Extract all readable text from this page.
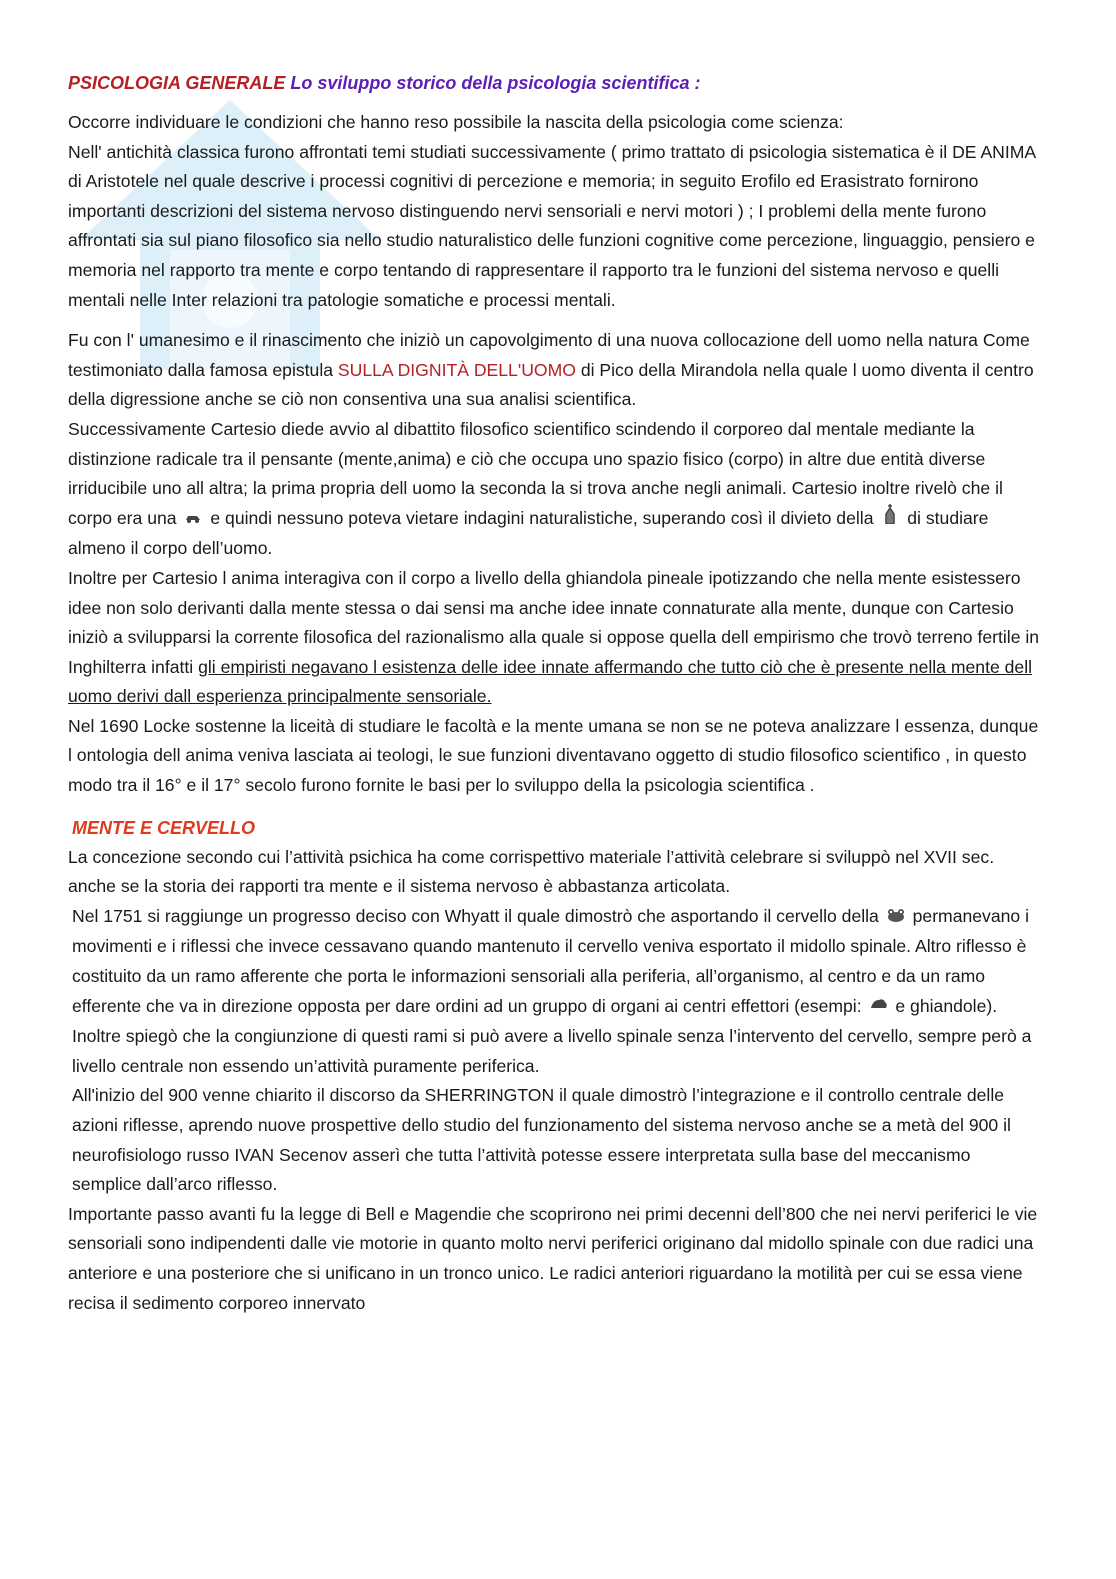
PSICOLOGIA GENERALE Lo sviluppo storico della psicologia scientifica :

Occorre individuare le condizioni che hanno reso possibile la nascita della psicologia come scienza:

Nell' antichità classica furono affrontati temi studiati successivamente ( primo trattato di psicologia sistematica è il DE ANIMA di Aristotele nel quale descrive i processi cognitivi di percezione e memoria; in seguito Erofilo ed Erasistrato fornirono importanti descrizioni del sistema nervoso distinguendo nervi sensoriali e nervi motori ) ; I problemi della mente furono affrontati sia sul piano filosofico sia nello studio naturalistico delle funzioni cognitive come percezione, linguaggio, pensiero e memoria nel rapporto tra mente e corpo tentando di rappresentare il rapporto tra le funzioni del sistema nervoso e quelli mentali nelle Inter relazioni tra patologie somatiche e processi mentali.

Fu con l' umanesimo e il rinascimento che iniziò un capovolgimento di una nuova collocazione dell uomo nella natura Come testimoniato dalla famosa epistula SULLA DIGNITÀ DELL'UOMO di Pico della Mirandola nella quale l uomo diventa il centro della digressione anche se ciò non consentiva una sua analisi scientifica.

Successivamente Cartesio diede avvio al dibattito filosofico scientifico scindendo il corporeo dal mentale mediante la distinzione radicale tra il pensante (mente,anima) e ciò che occupa uno spazio fisico (corpo) in altre due entità diverse irriducibile uno all altra; la prima propria dell uomo la seconda la si trova anche negli animali. Cartesio inoltre rivelò che il corpo era una  e quindi nessuno poteva vietare indagini naturalistiche, superando così il divieto della  di studiare almeno il corpo dell’uomo.

Inoltre per Cartesio l anima interagiva con il corpo a livello della ghiandola pineale ipotizzando che nella mente esistessero idee non solo derivanti dalla mente stessa o dai sensi ma anche idee innate connaturate alla mente, dunque con Cartesio iniziò a svilupparsi la corrente filosofica del razionalismo alla quale si oppose quella dell empirismo che trovò terreno fertile in Inghilterra infatti gli empiristi negavano l esistenza delle idee innate affermando che tutto ciò che è presente nella mente dell uomo derivi dall esperienza principalmente sensoriale.

Nel 1690 Locke sostenne la liceità di studiare le facoltà e la mente umana se non se ne poteva analizzare l essenza, dunque l ontologia dell anima veniva lasciata ai teologi, le sue funzioni diventavano oggetto di studio filosofico scientifico , in questo modo tra il 16° e il 17° secolo furono fornite le basi per lo sviluppo della la psicologia scientifica .

MENTE E CERVELLO

La concezione secondo cui l’attività psichica ha come corrispettivo materiale l’attività celebrare si sviluppò nel XVII sec. anche se la storia dei rapporti tra mente e il sistema nervoso è abbastanza articolata.

Nel 1751 si raggiunge un progresso deciso con Whyatt il quale dimostrò che asportando il cervello della  permanevano i movimenti e i riflessi che invece cessavano quando mantenuto il cervello veniva esportato il midollo spinale. Altro riflesso è costituito da un ramo afferente che porta le informazioni sensoriali alla periferia, all’organismo, al centro e da un ramo efferente che va in direzione opposta per dare ordini ad un gruppo di organi ai centri effettori (esempi:  e ghiandole). Inoltre spiegò che la congiunzione di questi rami si può avere a livello spinale senza l’intervento del cervello, sempre però a livello centrale non essendo un’attività puramente periferica.

All'inizio del 900 venne chiarito il discorso da SHERRINGTON il quale dimostrò l’integrazione e il controllo centrale delle azioni riflesse, aprendo nuove prospettive dello studio del funzionamento del sistema nervoso anche se a metà del 900 il neurofisiologo russo IVAN Secenov asserì che tutta l’attività potesse essere interpretata sulla base del meccanismo semplice dall’arco riflesso.

Importante passo avanti fu la legge di Bell e Magendie che scoprirono nei primi decenni dell’800 che nei nervi periferici le vie sensoriali sono indipendenti dalle vie motorie in quanto molto nervi periferici originano dal midollo spinale con due radici una anteriore e una posteriore che si unificano in un tronco unico. Le radici anteriori riguardano la motilità per cui se essa viene recisa il sedimento corporeo innervato
